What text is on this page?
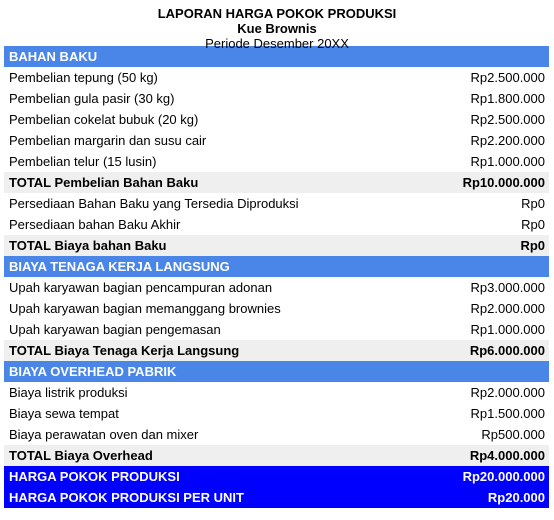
LAPORAN HARGA POKOK PRODUKSI
Kue Brownis
Periode Desember 20XX
BAHAN BAKU	
Pembelian tepung (50 kg)	Rp2.500.000
Pembelian gula pasir (30 kg)	Rp1.800.000
Pembelian cokelat bubuk (20 kg)	Rp2.500.000
Pembelian margarin dan susu cair	Rp2.200.000
Pembelian telur (15 lusin)	Rp1.000.000
TOTAL Pembelian Bahan Baku	Rp10.000.000
Persediaan Bahan Baku yang Tersedia Diproduksi	Rp0
Persediaan bahan Baku Akhir	Rp0
TOTAL Biaya bahan Baku	Rp0
BIAYA TENAGA KERJA LANGSUNG	
Upah karyawan bagian pencampuran adonan	Rp3.000.000
Upah karyawan bagian memanggang brownies	Rp2.000.000
Upah karyawan bagian pengemasan	Rp1.000.000
TOTAL Biaya Tenaga Kerja Langsung	Rp6.000.000
BIAYA OVERHEAD PABRIK	
Biaya listrik produksi	Rp2.000.000
Biaya sewa tempat	Rp1.500.000
Biaya perawatan oven dan mixer	Rp500.000
TOTAL Biaya Overhead	Rp4.000.000
HARGA POKOK PRODUKSI	Rp20.000.000
HARGA POKOK PRODUKSI PER UNIT	Rp20.000
